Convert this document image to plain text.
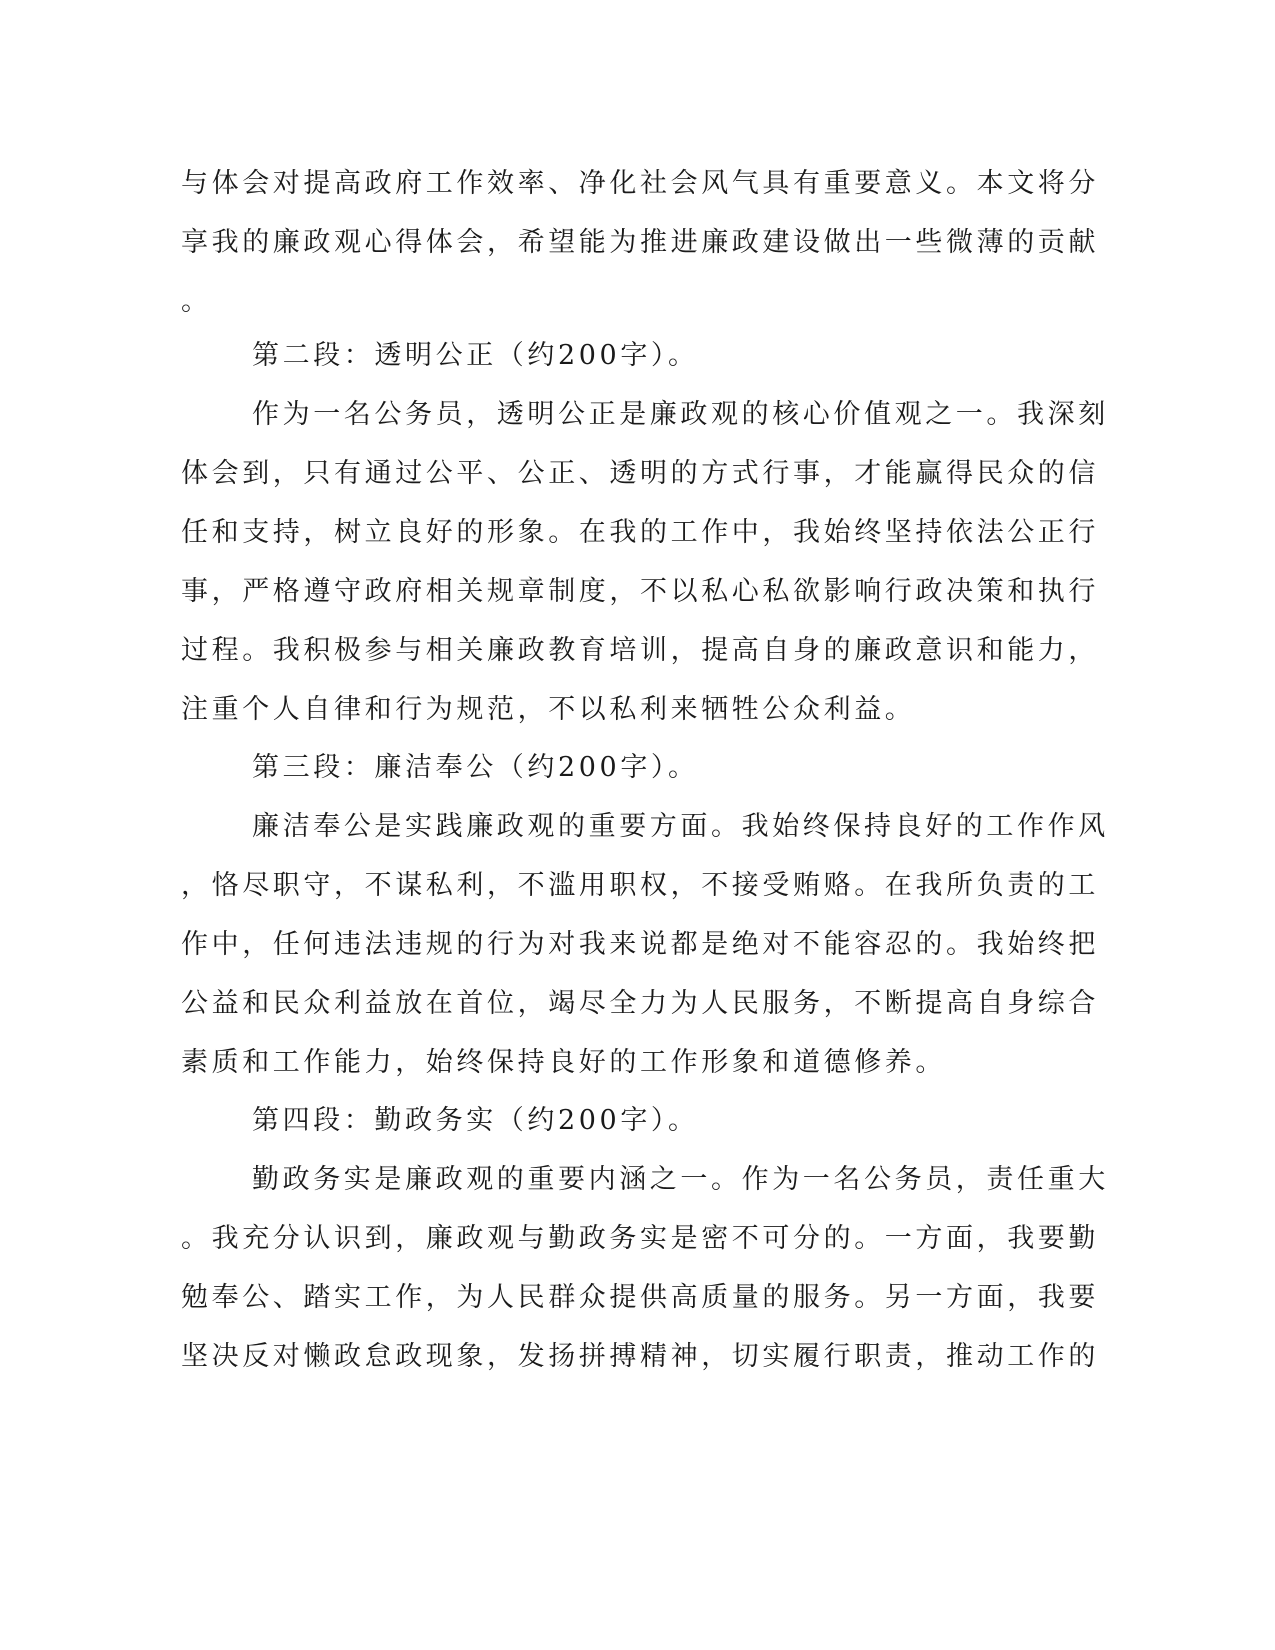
与体会对提高政府工作效率、净化社会风气具有重要意义。本文将分
享我的廉政观心得体会，希望能为推进廉政建设做出一些微薄的贡献
。
第二段：透明公正（约200字）。
作为一名公务员，透明公正是廉政观的核心价值观之一。我深刻
体会到，只有通过公平、公正、透明的方式行事，才能赢得民众的信
任和支持，树立良好的形象。在我的工作中，我始终坚持依法公正行
事，严格遵守政府相关规章制度，不以私心私欲影响行政决策和执行
过程。我积极参与相关廉政教育培训，提高自身的廉政意识和能力，
注重个人自律和行为规范，不以私利来牺牲公众利益。
第三段：廉洁奉公（约200字）。
廉洁奉公是实践廉政观的重要方面。我始终保持良好的工作作风
，恪尽职守，不谋私利，不滥用职权，不接受贿赂。在我所负责的工
作中，任何违法违规的行为对我来说都是绝对不能容忍的。我始终把
公益和民众利益放在首位，竭尽全力为人民服务，不断提高自身综合
素质和工作能力，始终保持良好的工作形象和道德修养。
第四段：勤政务实（约200字）。
勤政务实是廉政观的重要内涵之一。作为一名公务员，责任重大
。我充分认识到，廉政观与勤政务实是密不可分的。一方面，我要勤
勉奉公、踏实工作，为人民群众提供高质量的服务。另一方面，我要
坚决反对懒政怠政现象，发扬拼搏精神，切实履行职责，推动工作的
